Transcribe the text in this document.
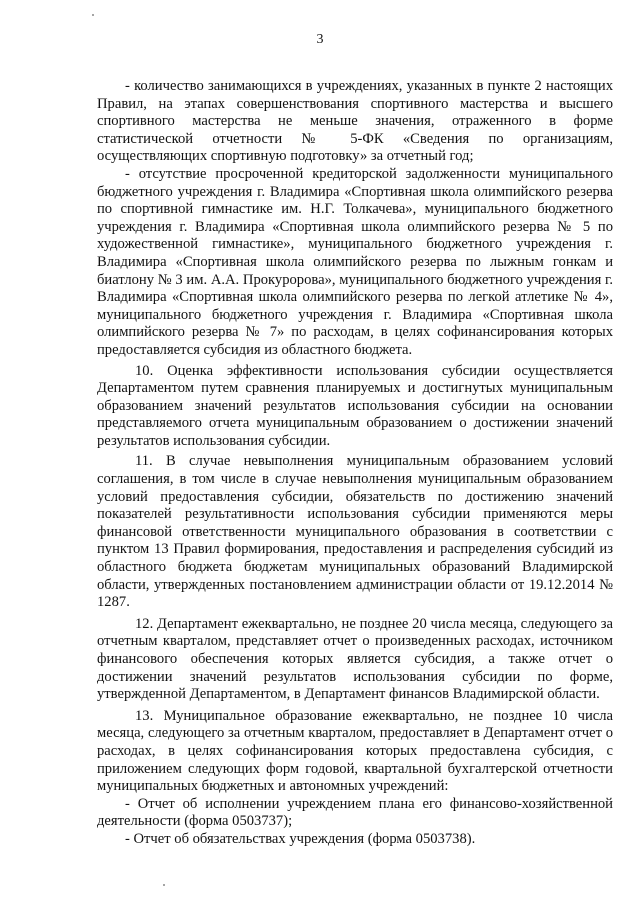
3

- количество занимающихся в учреждениях, указанных в пункте 2 настоящих Правил, на этапах совершенствования спортивного мастерства и высшего спортивного мастерства не меньше значения, отраженного в форме статистической отчетности № 5-ФК «Сведения по организациям, осуществляющих спортивную подготовку» за отчетный год;

- отсутствие просроченной кредиторской задолженности муниципального бюджетного учреждения г. Владимира «Спортивная школа олимпийского резерва по спортивной гимнастике им. Н.Г. Толкачева», муниципального бюджетного учреждения г. Владимира «Спортивная школа олимпийского резерва № 5 по художественной гимнастике», муниципального бюджетного учреждения г. Владимира «Спортивная школа олимпийского резерва по лыжным гонкам и биатлону № 3 им. А.А. Прокуророва», муниципального бюджетного учреждения г. Владимира «Спортивная школа олимпийского резерва по легкой атлетике № 4», муниципального бюджетного учреждения г. Владимира «Спортивная школа олимпийского резерва № 7» по расходам, в целях софинансирования которых предоставляется субсидия из областного бюджета.

10. Оценка эффективности использования субсидии осуществляется Департаментом путем сравнения планируемых и достигнутых муниципальным образованием значений результатов использования субсидии на основании представляемого отчета муниципальным образованием о достижении значений результатов использования субсидии.

11. В случае невыполнения муниципальным образованием условий соглашения, в том числе в случае невыполнения муниципальным образованием условий предоставления субсидии, обязательств по достижению значений показателей результативности использования субсидии применяются меры финансовой ответственности муниципального образования в соответствии с пунктом 13 Правил формирования, предоставления и распределения субсидий из областного бюджета бюджетам муниципальных образований Владимирской области, утвержденных постановлением администрации области от 19.12.2014 № 1287.

12. Департамент ежеквартально, не позднее 20 числа месяца, следующего за отчетным кварталом, представляет отчет о произведенных расходах, источником финансового обеспечения которых является субсидия, а также отчет о достижении значений результатов использования субсидии по форме, утвержденной Департаментом, в Департамент финансов Владимирской области.

13. Муниципальное образование ежеквартально, не позднее 10 числа месяца, следующего за отчетным кварталом, предоставляет в Департамент отчет о расходах, в целях софинансирования которых предоставлена субсидия, с приложением следующих форм годовой, квартальной бухгалтерской отчетности муниципальных бюджетных и автономных учреждений:

- Отчет об исполнении учреждением плана его финансово-хозяйственной деятельности (форма 0503737);

- Отчет об обязательствах учреждения (форма 0503738).
